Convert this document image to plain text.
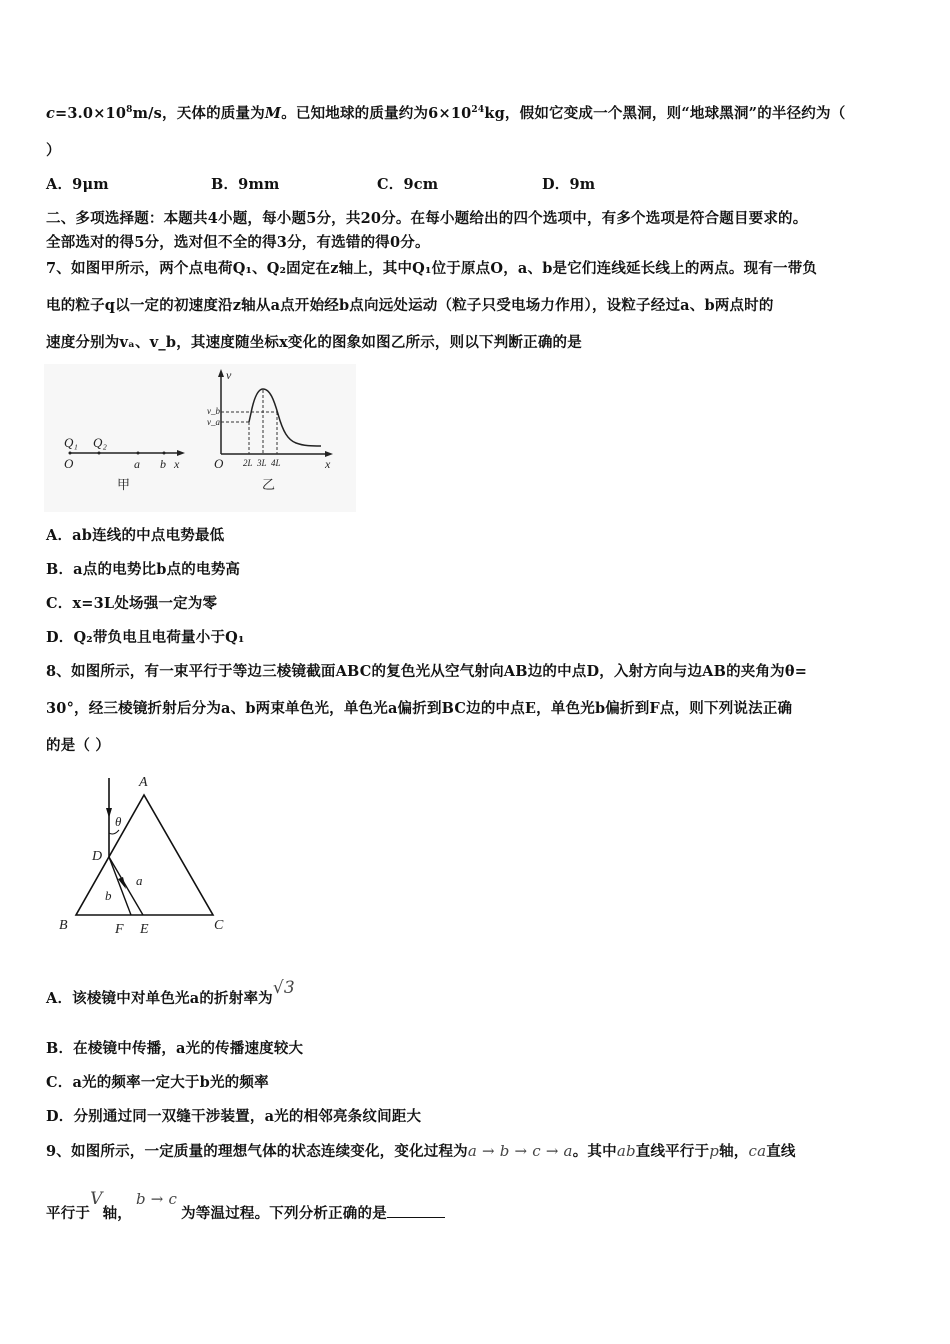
$c=3.0\times 10^8m/s$，天体的质量为M。已知地球的质量约为$6\times 10^{24}kg$，假如它变成一个黑洞，则“地球黑洞”的半径约为（
）
A．9μm	B．9mm	C．9cm	D．9m
二、多项选择题：本题共4小题，每小题5分，共20分。在每小题给出的四个选项中，有多个选项是符合题目要求的。
全部选对的得5分，选对但不全的得3分，有选错的得0分。
7、如图甲所示，两个点电荷Q₁、Q₂固定在z轴上，其中Q₁位于原点O，a、b是它们连线延长线上的两点。现有一带负
电的粒子q以一定的初速度沿z轴从a点开始经b点向远处运动（粒子只受电场力作用），设粒子经过a、b两点时的
速度分别为vₐ、v_b，其速度随坐标x变化的图象如图乙所示，则以下判断正确的是
Q₁ Q₂
O	a b x
甲
v
v_b
v_a
O 2L 3L 4L	x
乙
A．ab连线的中点电势最低
B．a点的电势比b点的电势高
C．x=3L处场强一定为零
D．Q₂带负电且电荷量小于Q₁
8、如图所示，有一束平行于等边三棱镜截面ABC的复色光从空气射向AB边的中点D，入射方向与边AB的夹角为θ=
30°，经三棱镜折射后分为a、b两束单色光，单色光a偏折到BC边的中点E，单色光b偏折到F点，则下列说法正确
的是（ ）
A
θ
D
a
b
B	F E	C
A．该棱镜中对单色光a的折射率为√3
B．在棱镜中传播，a光的传播速度较大
C．a光的频率一定大于b光的频率
D．分别通过同一双缝干涉装置，a光的相邻亮条纹间距大
9、如图所示，一定质量的理想气体的状态连续变化，变化过程为a → b → c → a。其中ab直线平行于p轴，ca直线
平行于V轴，b → c为等温过程。下列分析正确的是
